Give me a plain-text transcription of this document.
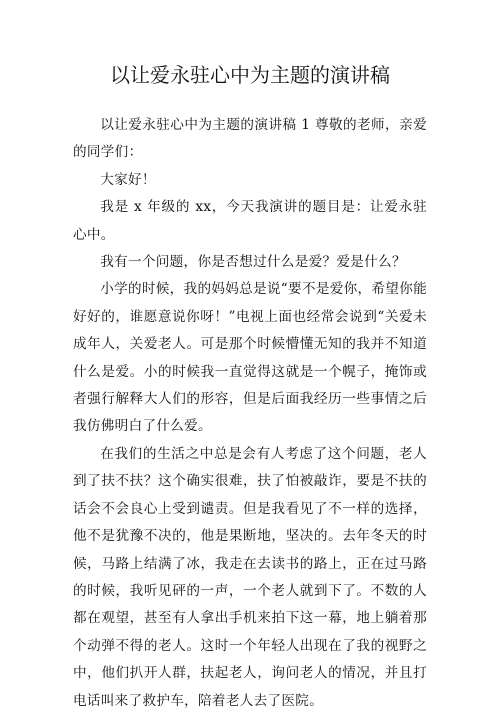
以让爱永驻心中为主题的演讲稿

以让爱永驻心中为主题的演讲稿 1 尊敬的老师，亲爱的同学们：

大家好！

我是 x 年级的 xx，今天我演讲的题目是：让爱永驻心中。

我有一个问题，你是否想过什么是爱？爱是什么？

小学的时候，我的妈妈总是说“要不是爱你，希望你能好好的，谁愿意说你呀！”电视上面也经常会说到“关爱未成年人，关爱老人。可是那个时候懵懂无知的我并不知道什么是爱。小的时候我一直觉得这就是一个幌子，掩饰或者强行解释大人们的形容，但是后面我经历一些事情之后我仿佛明白了什么爱。

在我们的生活之中总是会有人考虑了这个问题，老人到了扶不扶？这个确实很难，扶了怕被敲诈，要是不扶的话会不会良心上受到谴责。但是我看见了不一样的选择，他不是犹豫不决的，他是果断地，坚决的。去年冬天的时候，马路上结满了冰，我走在去读书的路上，正在过马路的时候，我听见砰的一声，一个老人就到下了。不数的人都在观望，甚至有人拿出手机来拍下这一幕，地上躺着那个动弹不得的老人。这时一个年轻人出现在了我的视野之中，他们扒开人群，扶起老人，询问老人的情况，并且打电话叫来了救护车，陪着老人去了医院。
